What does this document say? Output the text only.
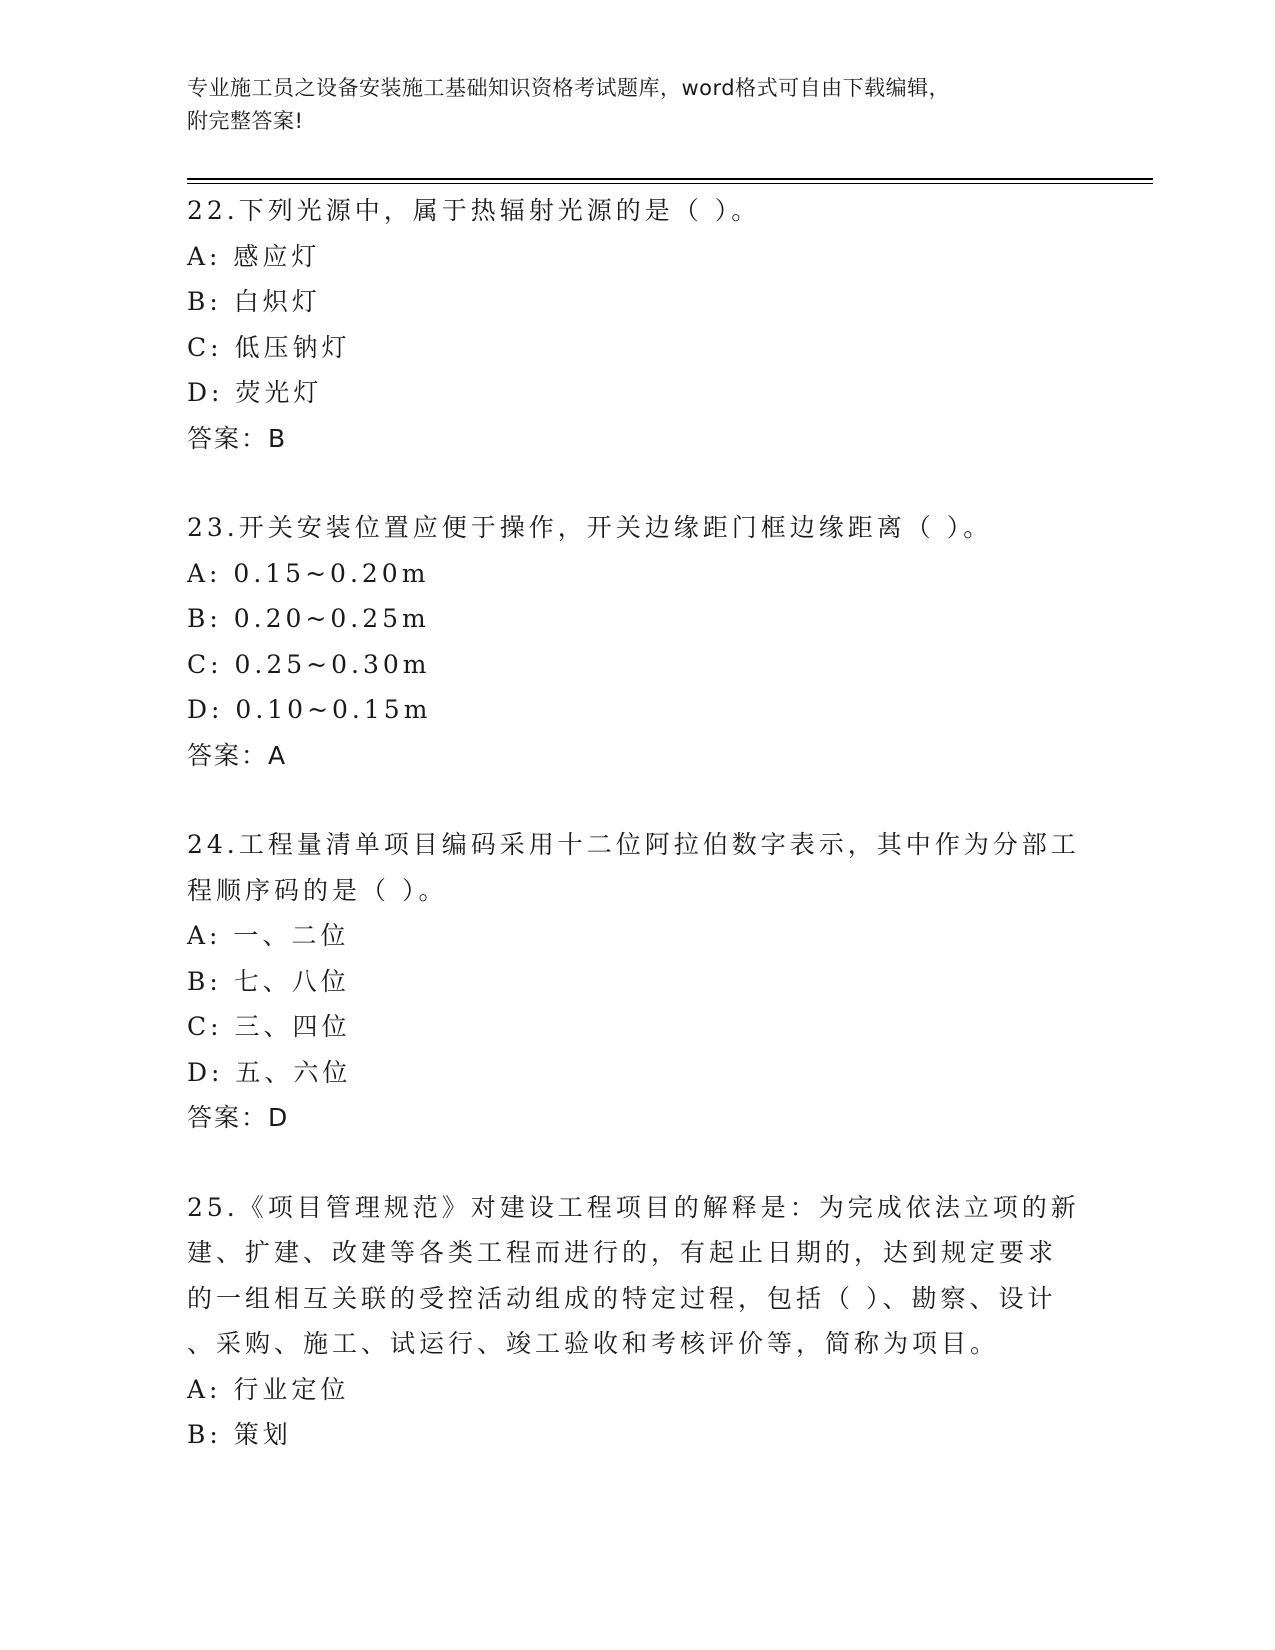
专业施工员之设备安装施工基础知识资格考试题库，word格式可自由下载编辑，
附完整答案!
22.下列光源中，属于热辐射光源的是（ ）。
A: 感应灯
B: 白炽灯
C: 低压钠灯
D: 荧光灯
答案：B
23.开关安装位置应便于操作，开关边缘距门框边缘距离（ ）。
A: 0.15~0.20m
B: 0.20~0.25m
C: 0.25~0.30m
D: 0.10~0.15m
答案：A
24.工程量清单项目编码采用十二位阿拉伯数字表示，其中作为分部工
程顺序码的是（ ）。
A: 一、二位
B: 七、八位
C: 三、四位
D: 五、六位
答案：D
25.《项目管理规范》对建设工程项目的解释是：为完成依法立项的新
建、扩建、改建等各类工程而进行的，有起止日期的，达到规定要求
的一组相互关联的受控活动组成的特定过程，包括（ ）、勘察、设计
、采购、施工、试运行、竣工验收和考核评价等，简称为项目。
A: 行业定位
B: 策划
